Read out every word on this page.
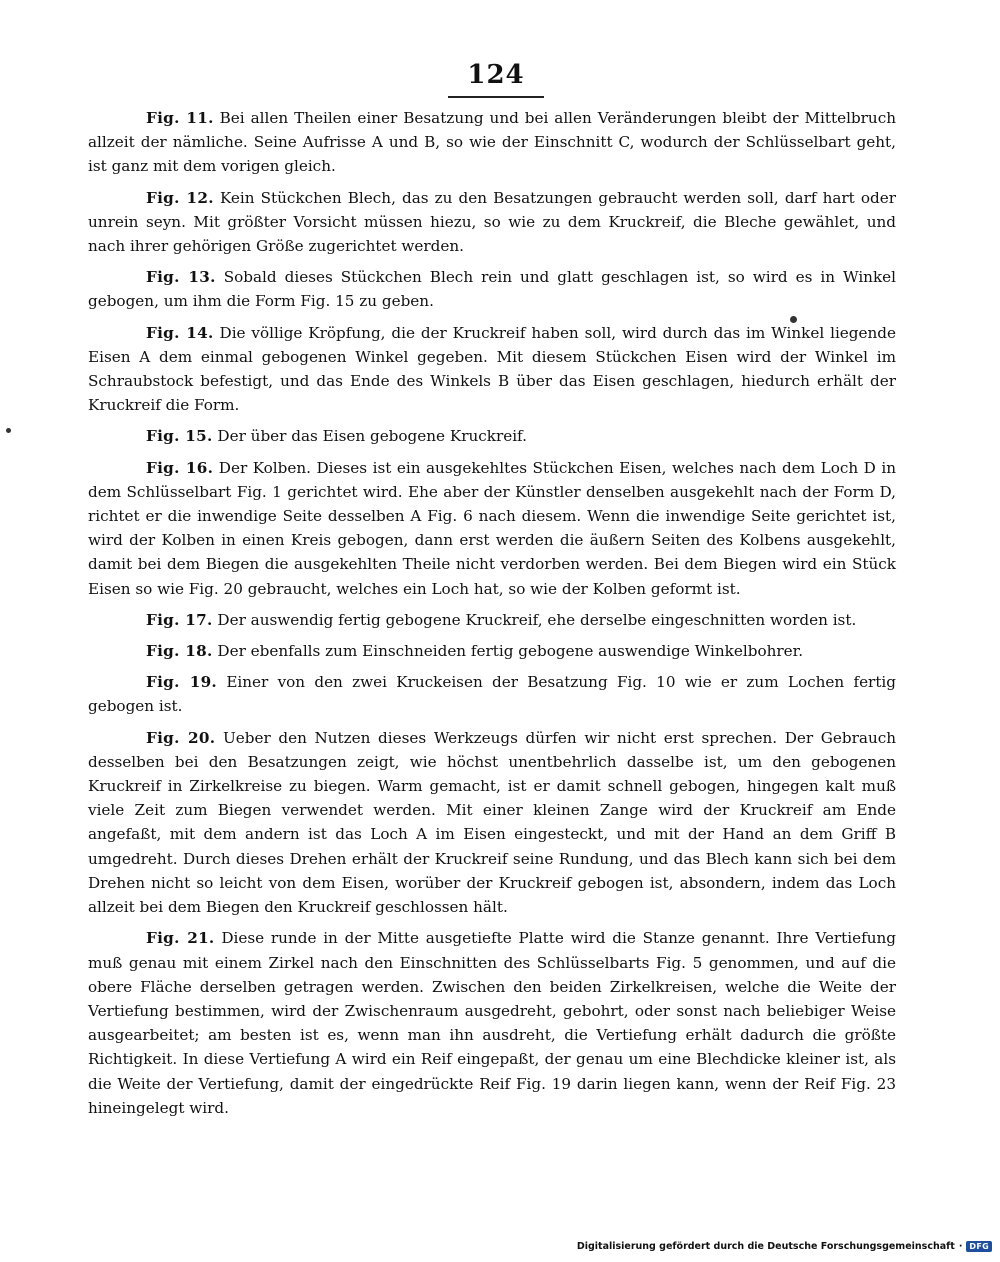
124

Fig. 11. Bei allen Theilen einer Besatzung und bei allen Veränderungen bleibt der Mittelbruch allzeit der nämliche. Seine Aufrisse A und B, so wie der Einschnitt C, wodurch der Schlüsselbart geht, ist ganz mit dem vorigen gleich.

Fig. 12. Kein Stückchen Blech, das zu den Besatzungen gebraucht werden soll, darf hart oder unrein seyn. Mit größter Vorsicht müssen hiezu, so wie zu dem Kruckreif, die Bleche gewählet, und nach ihrer gehörigen Größe zugerichtet werden.

Fig. 13. Sobald dieses Stückchen Blech rein und glatt geschlagen ist, so wird es in Winkel gebogen, um ihm die Form Fig. 15 zu geben.

Fig. 14. Die völlige Kröpfung, die der Kruckreif haben soll, wird durch das im Winkel liegende Eisen A dem einmal gebogenen Winkel gegeben. Mit diesem Stückchen Eisen wird der Winkel im Schraubstock befestigt, und das Ende des Winkels B über das Eisen geschlagen, hiedurch erhält der Kruckreif die Form.

Fig. 15. Der über das Eisen gebogene Kruckreif.

Fig. 16. Der Kolben. Dieses ist ein ausgekehltes Stückchen Eisen, welches nach dem Loch D in dem Schlüsselbart Fig. 1 gerichtet wird. Ehe aber der Künstler denselben ausgekehlt nach der Form D, richtet er die inwendige Seite desselben A Fig. 6 nach diesem. Wenn die inwendige Seite gerichtet ist, wird der Kolben in einen Kreis gebogen, dann erst werden die äußern Seiten des Kolbens ausgekehlt, damit bei dem Biegen die ausgekehlten Theile nicht verdorben werden. Bei dem Biegen wird ein Stück Eisen so wie Fig. 20 gebraucht, welches ein Loch hat, so wie der Kolben geformt ist.

Fig. 17. Der auswendig fertig gebogene Kruckreif, ehe derselbe eingeschnitten worden ist.

Fig. 18. Der ebenfalls zum Einschneiden fertig gebogene auswendige Winkelbohrer.

Fig. 19. Einer von den zwei Kruckeisen der Besatzung Fig. 10 wie er zum Lochen fertig gebogen ist.

Fig. 20. Ueber den Nutzen dieses Werkzeugs dürfen wir nicht erst sprechen. Der Gebrauch desselben bei den Besatzungen zeigt, wie höchst unentbehrlich dasselbe ist, um den gebogenen Kruckreif in Zirkelkreise zu biegen. Warm gemacht, ist er damit schnell gebogen, hingegen kalt muß viele Zeit zum Biegen verwendet werden. Mit einer kleinen Zange wird der Kruckreif am Ende angefaßt, mit dem andern ist das Loch A im Eisen eingesteckt, und mit der Hand an dem Griff B umgedreht. Durch dieses Drehen erhält der Kruckreif seine Rundung, und das Blech kann sich bei dem Drehen nicht so leicht von dem Eisen, worüber der Kruckreif gebogen ist, absondern, indem das Loch allzeit bei dem Biegen den Kruckreif geschlossen hält.

Fig. 21. Diese runde in der Mitte ausgetiefte Platte wird die Stanze genannt. Ihre Vertiefung muß genau mit einem Zirkel nach den Einschnitten des Schlüsselbarts Fig. 5 genommen, und auf die obere Fläche derselben getragen werden. Zwischen den beiden Zirkelkreisen, welche die Weite der Vertiefung bestimmen, wird der Zwischenraum ausgedreht, gebohrt, oder sonst nach beliebiger Weise ausgearbeitet; am besten ist es, wenn man ihn ausdreht, die Vertiefung erhält dadurch die größte Richtigkeit. In diese Vertiefung A wird ein Reif eingepaßt, der genau um eine Blechdicke kleiner ist, als die Weite der Vertiefung, damit der eingedrückte Reif Fig. 19 darin liegen kann, wenn der Reif Fig. 23 hineingelegt wird.

Digitalisierung gefördert durch die Deutsche Forschungsgemeinschaft · DFG
